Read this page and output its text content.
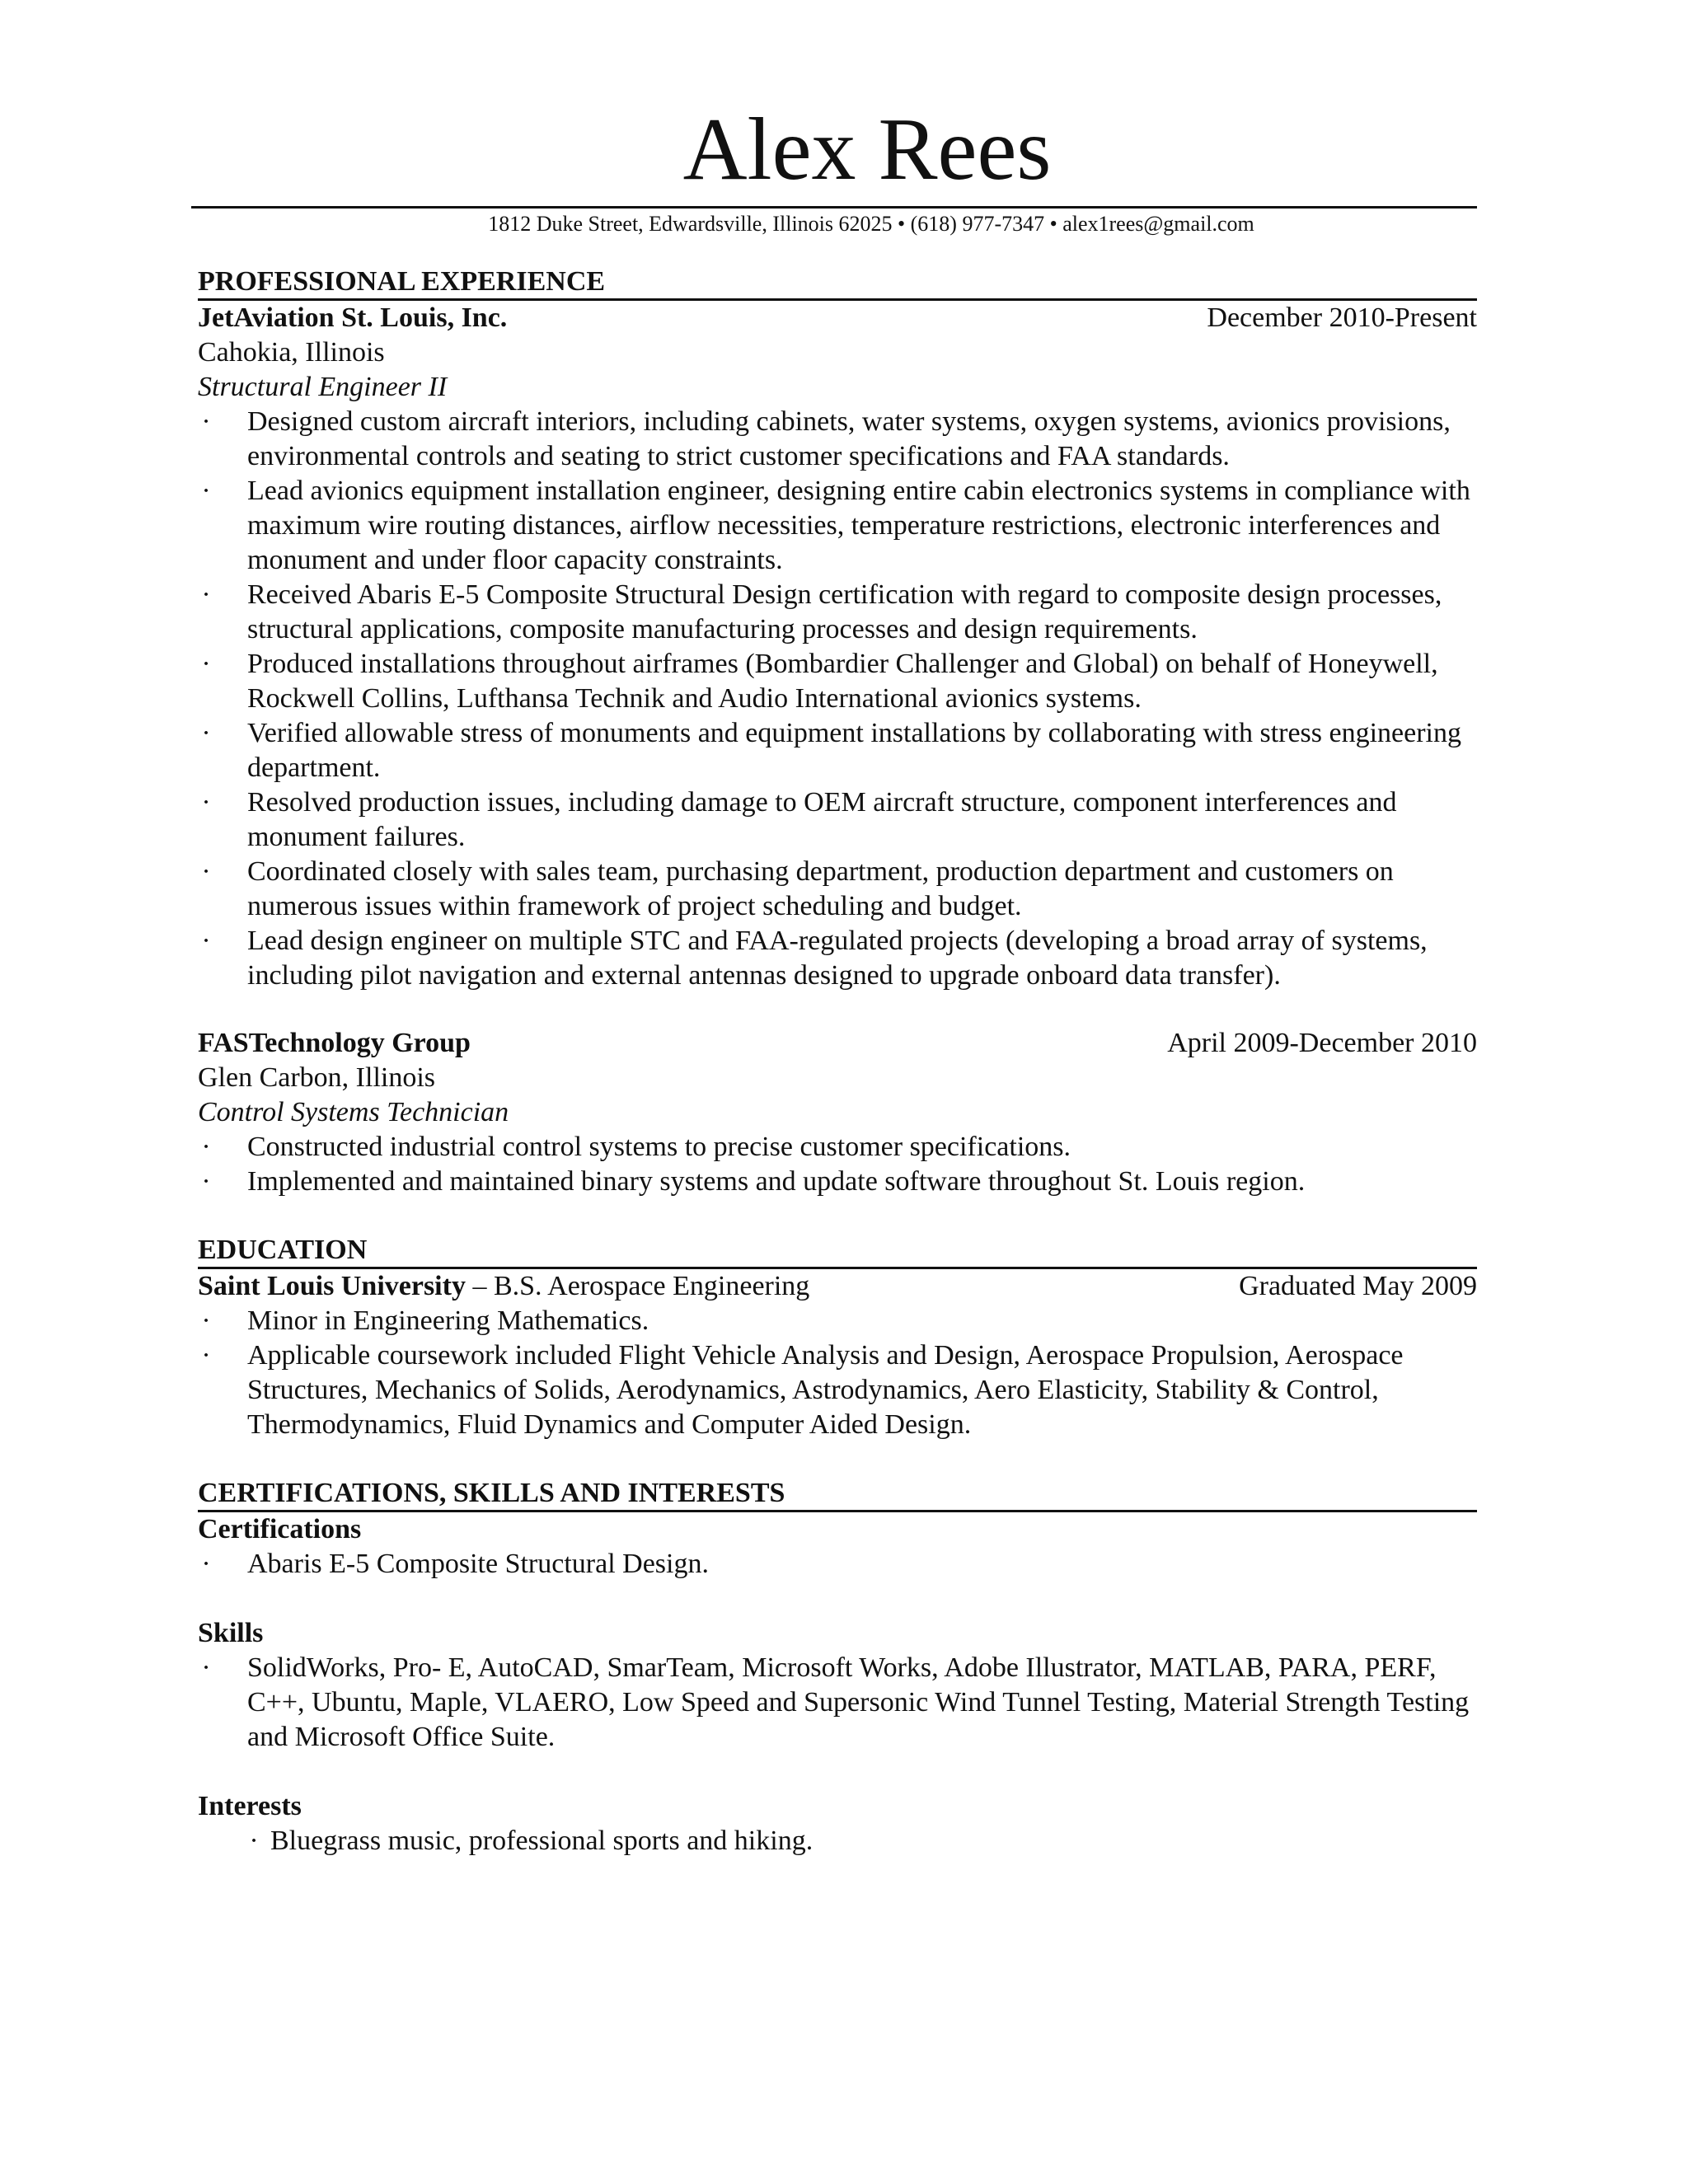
Alex Rees
1812 Duke Street, Edwardsville, Illinois 62025 • (618) 977-7347 • alex1rees@gmail.com
PROFESSIONAL EXPERIENCE
JetAviation St. Louis, Inc.	December 2010-Present
Cahokia, Illinois
Structural Engineer II
· Designed custom aircraft interiors, including cabinets, water systems, oxygen systems, avionics provisions, environmental controls and seating to strict customer specifications and FAA standards.
· Lead avionics equipment installation engineer, designing entire cabin electronics systems in compliance with maximum wire routing distances, airflow necessities, temperature restrictions, electronic interferences and monument and under floor capacity constraints.
· Received Abaris E-5 Composite Structural Design certification with regard to composite design processes, structural applications, composite manufacturing processes and design requirements.
· Produced installations throughout airframes (Bombardier Challenger and Global) on behalf of Honeywell, Rockwell Collins, Lufthansa Technik and Audio International avionics systems.
· Verified allowable stress of monuments and equipment installations by collaborating with stress engineering department.
· Resolved production issues, including damage to OEM aircraft structure, component interferences and monument failures.
· Coordinated closely with sales team, purchasing department, production department and customers on numerous issues within framework of project scheduling and budget.
· Lead design engineer on multiple STC and FAA-regulated projects (developing a broad array of systems, including pilot navigation and external antennas designed to upgrade onboard data transfer).
FASTechnology Group	April 2009-December 2010
Glen Carbon, Illinois
Control Systems Technician
· Constructed industrial control systems to precise customer specifications.
· Implemented and maintained binary systems and update software throughout St. Louis region.
EDUCATION
Saint Louis University – B.S. Aerospace Engineering	Graduated May 2009
· Minor in Engineering Mathematics.
· Applicable coursework included Flight Vehicle Analysis and Design, Aerospace Propulsion, Aerospace Structures, Mechanics of Solids, Aerodynamics, Astrodynamics, Aero Elasticity, Stability & Control, Thermodynamics, Fluid Dynamics and Computer Aided Design.
CERTIFICATIONS, SKILLS AND INTERESTS
Certifications
· Abaris E-5 Composite Structural Design.
Skills
· SolidWorks, Pro- E, AutoCAD, SmarTeam, Microsoft Works, Adobe Illustrator, MATLAB, PARA, PERF, C++, Ubuntu, Maple, VLAERO, Low Speed and Supersonic Wind Tunnel Testing, Material Strength Testing and Microsoft Office Suite.
Interests
· Bluegrass music, professional sports and hiking.
